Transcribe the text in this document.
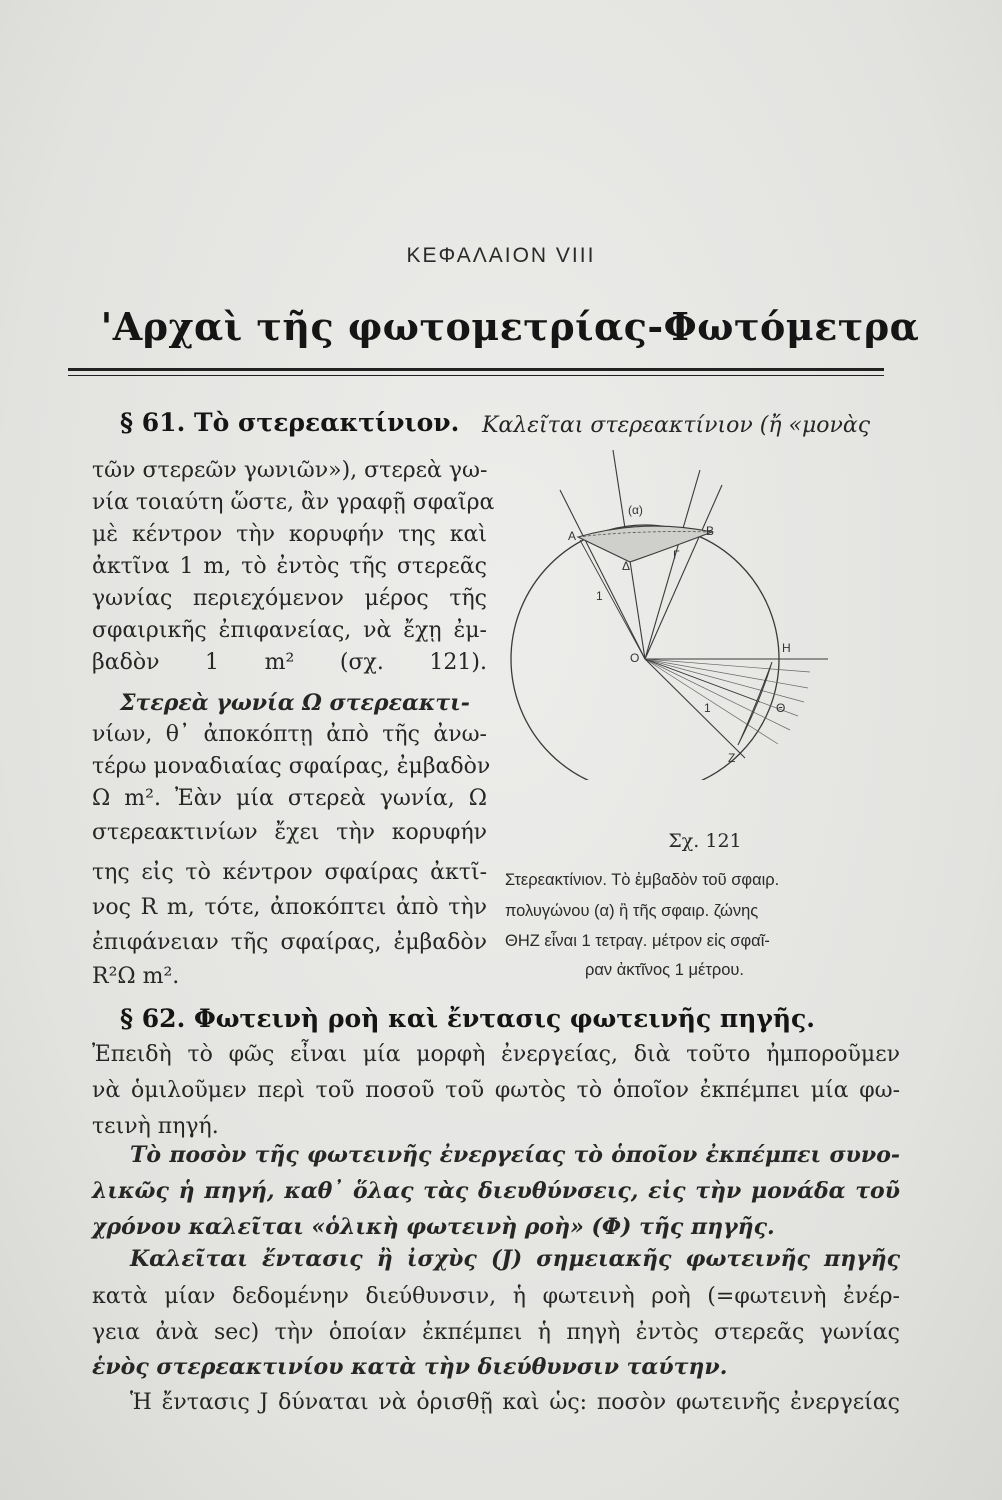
ΚΕΦΑΛΑΙΟΝ VIII
'Αρχαὶ τῆς φωτομετρίας-Φωτόμετρα
§ 61. Τὸ στερεακτίνιον. Καλεῖται στερεακτίνιον (ἤ «μονὰς
τῶν στερεῶν γωνιῶν»), στερεὰ γω-
νία τοιαύτη ὥστε, ἂν γραφῇ σφαῖρα
μὲ κέντρον τὴν κορυφήν της καὶ
ἀκτῖνα 1 m, τὸ ἐντὸς τῆς στερεᾶς
γωνίας περιεχόμενον μέρος τῆς
σφαιρικῆς ἐπιφανείας, νὰ ἔχῃ ἐμ-
βαδὸν 1 m² (σχ. 121).
Στερεὰ γωνία Ω στερεακτι-
νίων, θ᾽ ἀποκόπτῃ ἀπὸ τῆς ἀνω-
τέρω μοναδιαίας σφαίρας, ἐμβαδὸν
Ω m². Ἐὰν μία στερεὰ γωνία, Ω
στερεακτινίων ἔχει τὴν κορυφήν
της εἰς τὸ κέντρον σφαίρας ἀκτῖ-
νος R m, τότε, ἀποκόπτει ἀπὸ τὴν
ἐπιφάνειαν τῆς σφαίρας, ἐμβαδὸν
R²Ω m².
(α)
Α	Β
Γ
Δ
1
Ο
Η
1	Θ
Ζ
Σχ. 121
Στερεακτίνιον. Τὸ ἐμβαδὸν τοῦ σφαιρ.
πολυγώνου (α) ἢ τῆς σφαιρ. ζώνης
ΘΗΖ εἶναι 1 τετραγ. μέτρον εἰς σφαῖ-
ραν ἀκτῖνος 1 μέτρου.
§ 62. Φωτεινὴ ροὴ καὶ ἔντασις φωτεινῆς πηγῆς.
Ἐπειδὴ τὸ φῶς εἶναι μία μορφὴ ἐνεργείας, διὰ τοῦτο ἠμποροῦμεν
νὰ ὁμιλοῦμεν περὶ τοῦ ποσοῦ τοῦ φωτὸς τὸ ὁποῖον ἐκπέμπει μία φω-
τεινὴ πηγή.
Τὸ ποσὸν τῆς φωτεινῆς ἐνεργείας τὸ ὁποῖον ἐκπέμπει συνο-
λικῶς ἡ πηγή, καθ᾽ ὅλας τὰς διευθύνσεις, εἰς τὴν μονάδα τοῦ
χρόνου καλεῖται «ὁλικὴ φωτεινὴ ροὴ» (Φ) τῆς πηγῆς.
Καλεῖται ἔντασις ἢ ἰσχὺς (J) σημειακῆς φωτεινῆς πηγῆς
κατὰ μίαν δεδομένην διεύθυνσιν, ἡ φωτεινὴ ροὴ (=φωτεινὴ ἐνέρ-
γεια ἀνὰ sec) τὴν ὁποίαν ἐκπέμπει ἡ πηγὴ ἐντὸς στερεᾶς γωνίας
ἑνὸς στερεακτινίου κατὰ τὴν διεύθυνσιν ταύτην.
Ἡ ἔντασις J δύναται νὰ ὁρισθῇ καὶ ὡς: ποσὸν φωτεινῆς ἐνεργείας
